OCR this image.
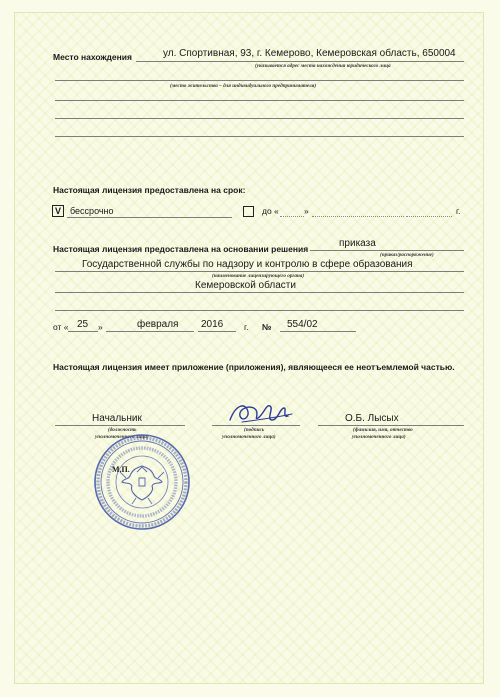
Место нахождения	ул. Спортивная, 93, г. Кемерово, Кемеровская область, 650004
(указывается адрес места нахождения юридического лица
(место жительства – для индивидуального предпринимателя)
Настоящая лицензия предоставлена на срок:
V	бессрочно	до «	»	г.
Настоящая лицензия предоставлена на основании решения	приказа
(приказ/распоряжение)
Государственной службы по надзору и контролю в сфере образования
(наименование лицензирующего органа)
Кемеровской области
от « 25 »	февраля 2016 г. № 554/02
Настоящая лицензия имеет приложение (приложения), являющееся ее неотъемлемой частью.
Начальник
(должность
уполномоченного лица)
(подпись
уполномоченного лица)
О.Б. Лысых
(фамилия, имя, отчество
уполномоченного лица)
М.П.
